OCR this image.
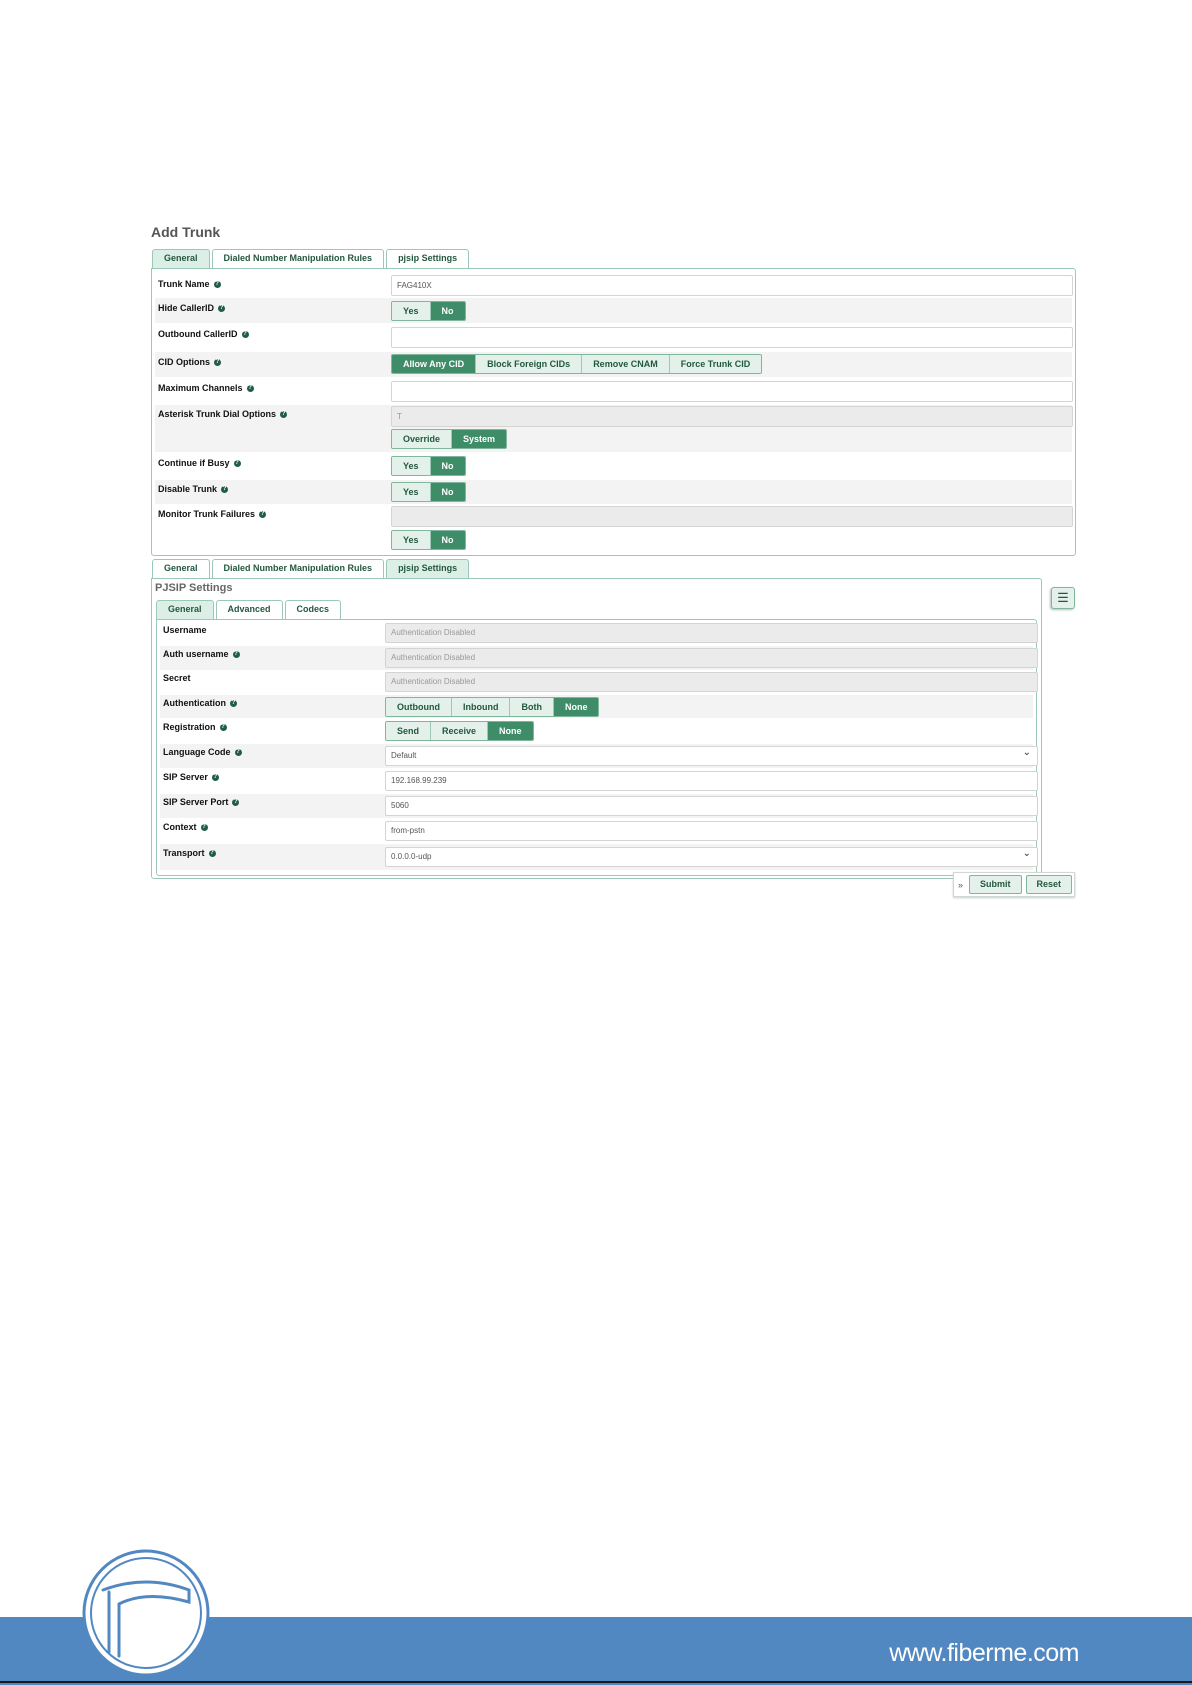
Add Trunk
General	Dialed Number Manipulation Rules	pjsip Settings
Trunk Name ?	FAG410X
Hide CallerID ?	Yes	No
Outbound CallerID ?
CID Options ?	Allow Any CID	Block Foreign CIDs	Remove CNAM	Force Trunk CID
Maximum Channels ?
Asterisk Trunk Dial Options ?	T
Override	System
Continue if Busy ?	Yes	No
Disable Trunk ?	Yes	No
Monitor Trunk Failures ?
Yes	No
General	Dialed Number Manipulation Rules	pjsip Settings
PJSIP Settings
General	Advanced	Codecs
Username	Authentication Disabled
Auth username ?	Authentication Disabled
Secret	Authentication Disabled
Authentication ?	Outbound	Inbound	Both	None
Registration ?	Send	Receive	None
Language Code ?	Default ⌄
SIP Server ?	192.168.99.239
SIP Server Port ?	5060
Context ?	from-pstn
Transport ?	0.0.0.0-udp ⌄
☰
»	Submit	Reset
www.fiberme.com
